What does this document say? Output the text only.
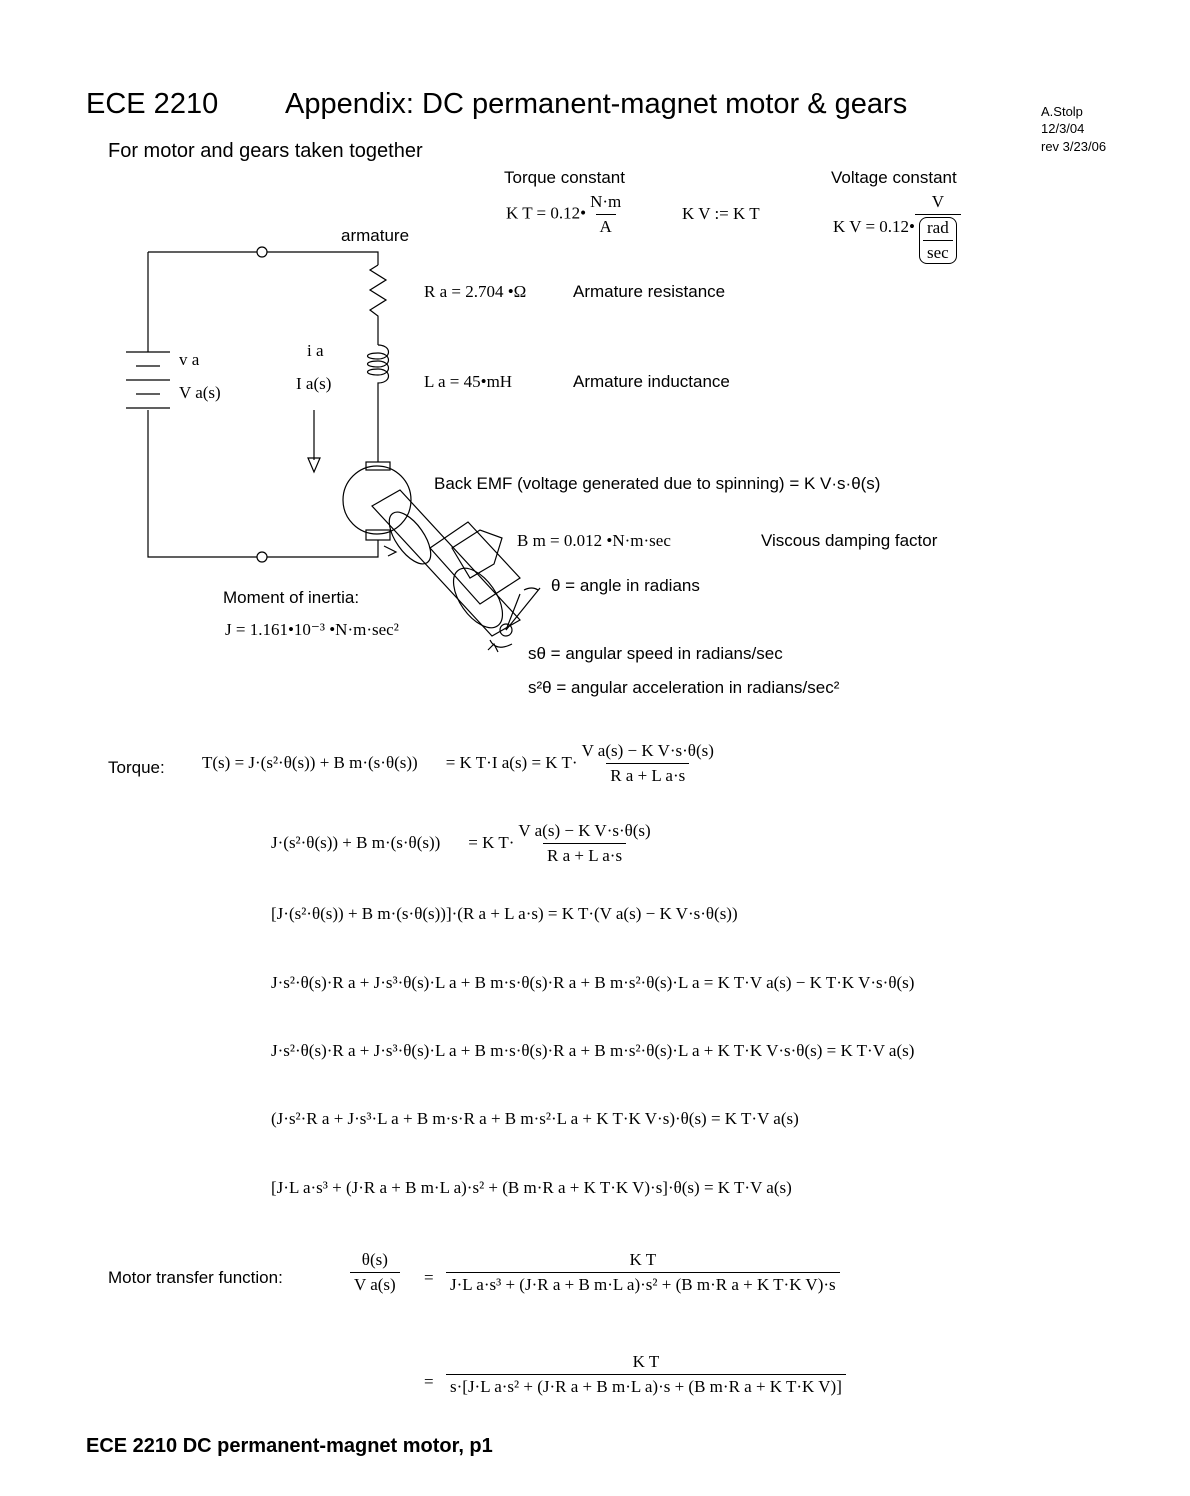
ECE 2210 Appendix: DC permanent-magnet motor & gears	A.Stolp
12/3/04
rev 3/23/06
For motor and gears taken together
Torque constant
K T = 0.12• $\frac{N\cdot m}{A}$	K V := K T
Voltage constant
K V = 0.12• $\frac{V}{\frac{\text{rad}}{\sec}}$
armature
v a
V a(s)
i a
I a(s)
R a = 2.704 •Ω	Armature resistance
L a = 45•mH	Armature inductance
Back EMF (voltage generated due to spinning) = K V·s·θ(s)
B m = 0.012 •N·m·sec	Viscous damping factor
θ = angle in radians
Moment of inertia:
J = 1.161•10⁻³ •N·m·sec²
sθ = angular speed in radians/sec
s²θ = angular acceleration in radians/sec²
Torque: T(s) = J·(s²·θ(s)) + B m·(s·θ(s)) = K T·I a(s) = K $T\cdot \frac{\text{V a(s) − K V·s·θ(s)}}{\text{R a + L a·s}}$
J·(s²·θ(s)) + B m·(s·θ(s)) = K $T\cdot \frac{\text{V a(s) − K V·s·θ(s)}}{\text{R a + L a·s}}$
[J·(s²·θ(s)) + B m·(s·θ(s))]·(R a + L a·s) = K T·(V a(s) − K V·s·θ(s))
J·s²·θ(s)·R a + J·s³·θ(s)·L a + B m·s·θ(s)·R a + B m·s²·θ(s)·L a = K T·V a(s) − K T·K V·s·θ(s)
J·s²·θ(s)·R a + J·s³·θ(s)·L a + B m·s·θ(s)·R a + B m·s²·θ(s)·L a + K T·K V·s·θ(s) = K T·V a(s)
(J·s²·R a + J·s³·L a + B m·s·R a + B m·s²·L a + K T·K V·s)·θ(s) = K T·V a(s)
[J·L a·s³ + (J·R a + B m·L a)·s² + (B m·R a + K T·K V)·s]·θ(s) = K T·V a(s)
Motor transfer function:	$\frac{\theta(s)}{\text{V a(s)}} = \frac{\text{K T}}{\text{J·L a·s³ + (J·R a + B m·L a)·s² + (B m·R a + K T·K V)·s}}$
= $\frac{\text{K T}}{\text{s·[J·L a·s² + (J·R a + B m·L a)·s + (B m·R a + K T·K V)]}}$
ECE 2210 DC permanent-magnet motor, p1
